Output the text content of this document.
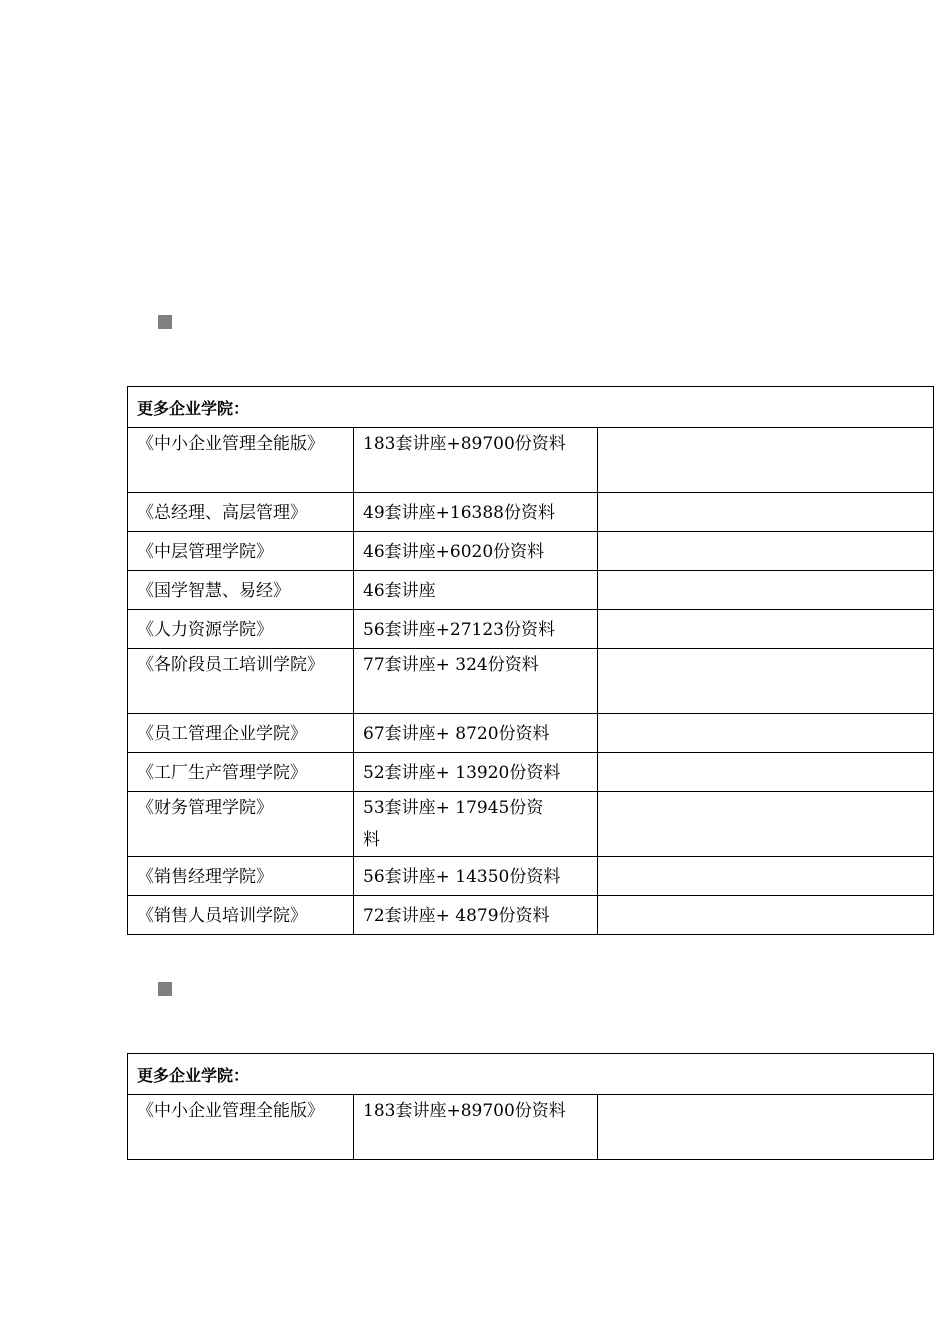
更多企业学院：		
《中小企业管理全能版》	183套讲座+89700份资料	
《总经理、高层管理》	49套讲座+16388份资料	
《中层管理学院》	46套讲座+6020份资料	
《国学智慧、易经》	46套讲座	
《人力资源学院》	56套讲座+27123份资料	
《各阶段员工培训学院》	77套讲座+ 324份资料	
《员工管理企业学院》	67套讲座+ 8720份资料	
《工厂生产管理学院》	52套讲座+ 13920份资料	
《财务管理学院》	53套讲座+ 17945份资料	
《销售经理学院》	56套讲座+ 14350份资料	
《销售人员培训学院》	72套讲座+ 4879份资料	
更多企业学院：
《中小企业管理全能版》	183套讲座+89700份资料	
